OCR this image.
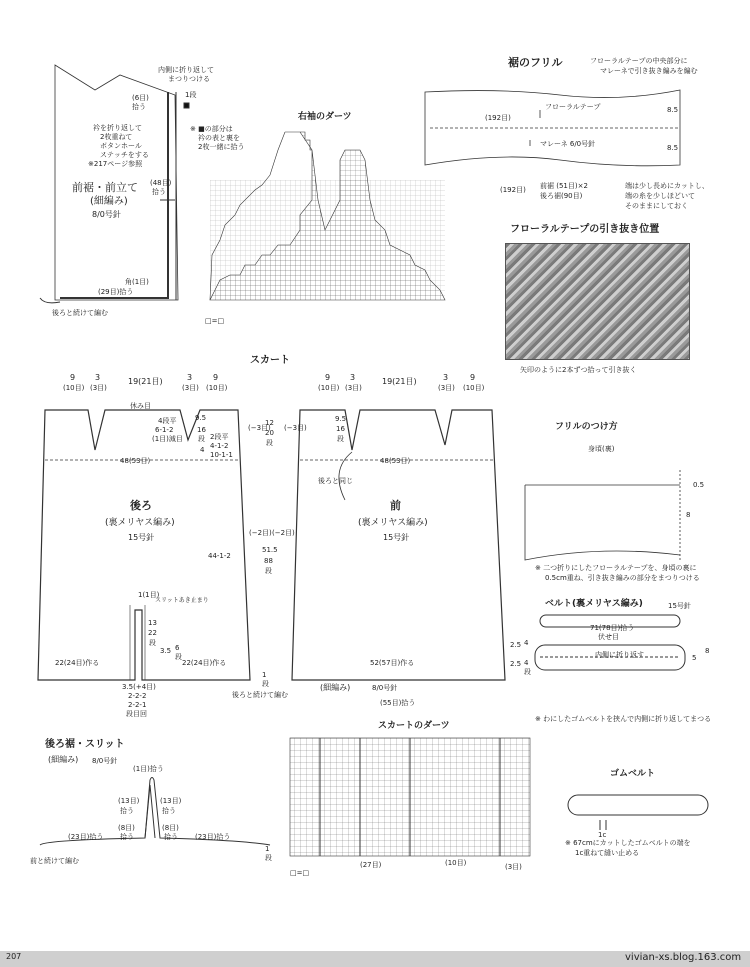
内側に折り返して
まつりつける
(6目)
拾う
1段
※ ■の部分は
衿の表と裏を
2枚一緒に拾う
衿を折り返して
2枚重ねて
ボタンホール
ステッチをする
※217ページ参照
前裾・前立て
(細編み)
8/0号針
(48目)
拾う
角(1目)
(29目)拾う
後ろと続けて編む
右袖のダーツ
□=□
裾のフリル	フローラルテープの中央部分に
マレーネで引き抜き編みを編む
フローラルテープ
マレーネ 6/0号針
(192目)
8.5
8.5
(192目) 前裾 (51目)×2
後ろ裾(90目)
端は少し長めにカットし、
端の糸を少しほどいて
そのままにしておく
フローラルテープの引き抜き位置
矢印のように2本ずつ拾って引き抜く
スカート
9
(10目)
3
(3目)
19(21目)	3
(3目)
9
(10目)
休み目
4段平
6-1-2
(1目)減目
48(53目)
9.5
16
段 2段平
4-1-2
4
10-1-1
後ろ
(裏メリヤス編み)
15号針
44-1-2
1(1目)
スリットあき止まり
13
22
段
3.5 6
段
22(24目)作る	22(24目)作る
3.5(+4目)
2-2-2
2-2-1
段目回
(−3目)
12
20
段
(−2目) (−2目)
51.5
88
段
1
段
(−3目)
9
(10目)
3
(3目)
19(21目)	3
(3目)
9
(10目)
9.5
16
段
後ろと同じ
48(53目)
前
(裏メリヤス編み)
15号針
52(57目)作る
(細編み)	8/0号針
後ろと続けて編む
(55目)拾う
フリルのつけ方
身頃(裏)
0.5
8
※ 二つ折りにしたフローラルテープを、身頃の裏に
0.5cm重ね、引き抜き編みの部分をまつりつける
ベルト(裏メリヤス編み)	15号針
71(78目)拾う
伏せ目
内側に折り返す
2.5
2.5
4
4
段
5
8
※ わにしたゴムベルトを挟んで内側に折り返してまつる
スカートのダーツ
□=□
(27目)	(10目)	(3目)
後ろ裾・スリット
(細編み) 8/0号針
(1目)拾う
(13目)
拾う
(13目)
拾う
(8目)
拾う
(8目)
拾う
(23目)拾う	(23目)拾う
前と続けて編む
1
段
ゴムベルト
1c
※ 67cmにカットしたゴムベルトの端を
1c重ねて縫い止める
207	vivian-xs.blog.163.com
